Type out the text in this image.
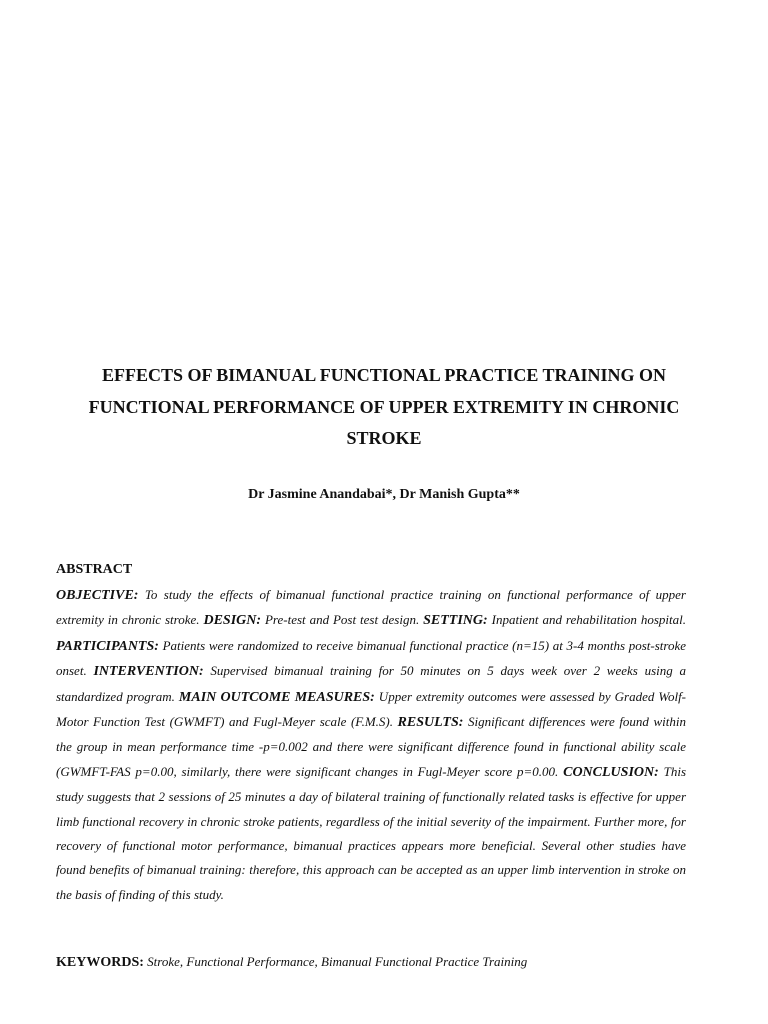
EFFECTS OF BIMANUAL FUNCTIONAL PRACTICE TRAINING ON
FUNCTIONAL PERFORMANCE OF UPPER EXTREMITY IN CHRONIC
STROKE

Dr Jasmine Anandabai*, Dr Manish Gupta**

ABSTRACT

OBJECTIVE: To study the effects of bimanual functional practice training on functional performance of upper extremity in chronic stroke. DESIGN: Pre-test and Post test design. SETTING: Inpatient and rehabilitation hospital. PARTICIPANTS: Patients were randomized to receive bimanual functional practice (n=15) at 3-4 months post-stroke onset. INTERVENTION: Supervised bimanual training for 50 minutes on 5 days week over 2 weeks using a standardized program. MAIN OUTCOME MEASURES: Upper extremity outcomes were assessed by Graded Wolf-Motor Function Test (GWMFT) and Fugl-Meyer scale (F.M.S). RESULTS: Significant differences were found within the group in mean performance time -p=0.002 and there were significant difference found in functional ability scale (GWMFT-FAS p=0.00, similarly, there were significant changes in Fugl-Meyer score p=0.00. CONCLUSION: This study suggests that 2 sessions of 25 minutes a day of bilateral training of functionally related tasks is effective for upper limb functional recovery in chronic stroke patients, regardless of the initial severity of the impairment. Further more, for recovery of functional motor performance, bimanual practices appears more beneficial. Several other studies have found benefits of bimanual training: therefore, this approach can be accepted as an upper limb intervention in stroke on the basis of finding of this study.

KEYWORDS: Stroke, Functional Performance, Bimanual Functional Practice Training
